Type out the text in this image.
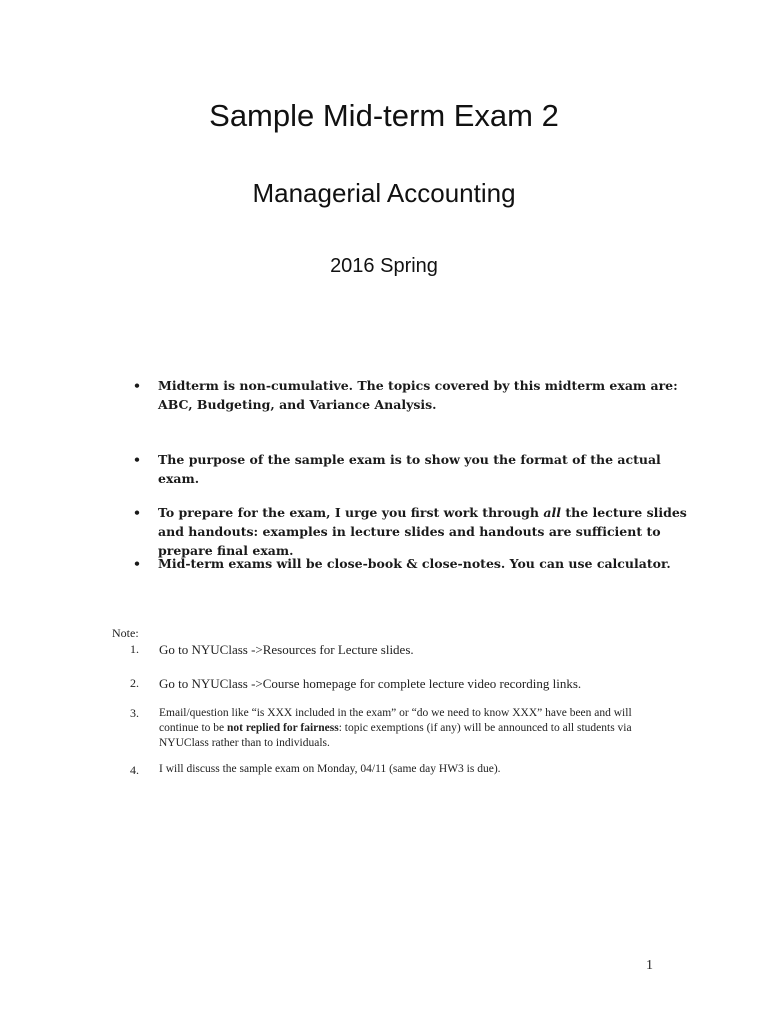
Sample Mid-term Exam 2
Managerial Accounting
2016 Spring
•	Midterm is non-cumulative. The topics covered by this midterm exam are: ABC, Budgeting, and Variance Analysis.
•	The purpose of the sample exam is to show you the format of the actual exam.
•	To prepare for the exam, I urge you first work through all the lecture slides and handouts: examples in lecture slides and handouts are sufficient to prepare final exam.
•	Mid-term exams will be close-book & close-notes. You can use calculator.
Note:
1.	Go to NYUClass ->Resources for Lecture slides.
2.	Go to NYUClass ->Course homepage for complete lecture video recording links.
3.	Email/question like “is XXX included in the exam” or “do we need to know XXX” have been and will continue to be not replied for fairness: topic exemptions (if any) will be announced to all students via NYUClass rather than to individuals.
4.	I will discuss the sample exam on Monday, 04/11 (same day HW3 is due).
1
